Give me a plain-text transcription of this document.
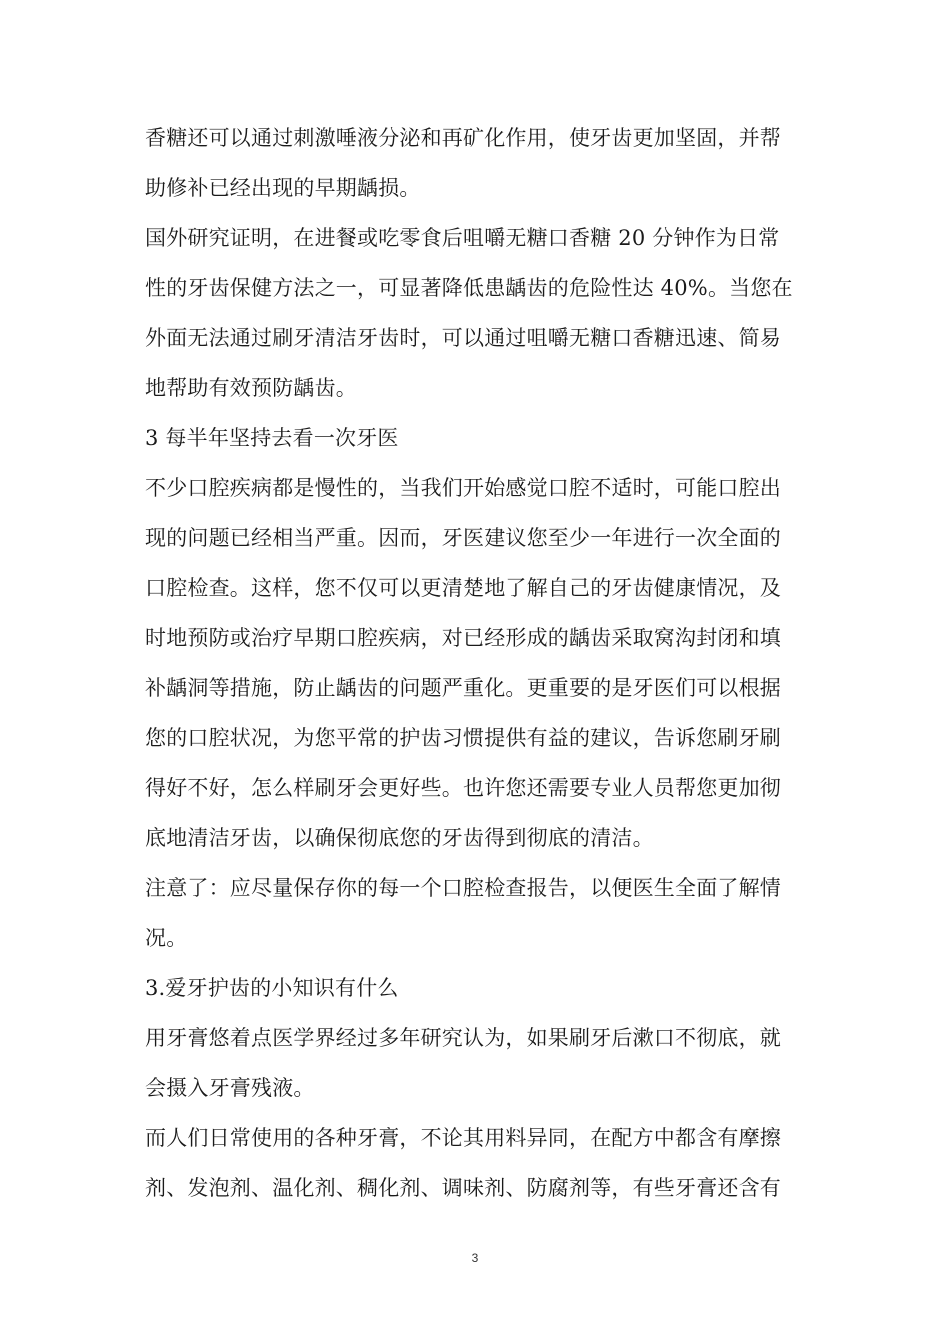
香糖还可以通过刺激唾液分泌和再矿化作用，使牙齿更加坚固，并帮
助修补已经出现的早期龋损。
国外研究证明，在进餐或吃零食后咀嚼无糖口香糖 20 分钟作为日常
性的牙齿保健方法之一，可显著降低患龋齿的危险性达 40%。当您在
外面无法通过刷牙清洁牙齿时，可以通过咀嚼无糖口香糖迅速、简易
地帮助有效预防龋齿。
3 每半年坚持去看一次牙医
不少口腔疾病都是慢性的，当我们开始感觉口腔不适时，可能口腔出
现的问题已经相当严重。因而，牙医建议您至少一年进行一次全面的
口腔检查。这样，您不仅可以更清楚地了解自己的牙齿健康情况，及
时地预防或治疗早期口腔疾病，对已经形成的龋齿采取窝沟封闭和填
补龋洞等措施，防止龋齿的问题严重化。更重要的是牙医们可以根据
您的口腔状况，为您平常的护齿习惯提供有益的建议，告诉您刷牙刷
得好不好，怎么样刷牙会更好些。也许您还需要专业人员帮您更加彻
底地清洁牙齿，以确保彻底您的牙齿得到彻底的清洁。
注意了：应尽量保存你的每一个口腔检查报告，以便医生全面了解情
况。
3.爱牙护齿的小知识有什么
用牙膏悠着点医学界经过多年研究认为，如果刷牙后漱口不彻底，就
会摄入牙膏残液。
而人们日常使用的各种牙膏，不论其用料异同，在配方中都含有摩擦
剂、发泡剂、温化剂、稠化剂、调味剂、防腐剂等，有些牙膏还含有
3
